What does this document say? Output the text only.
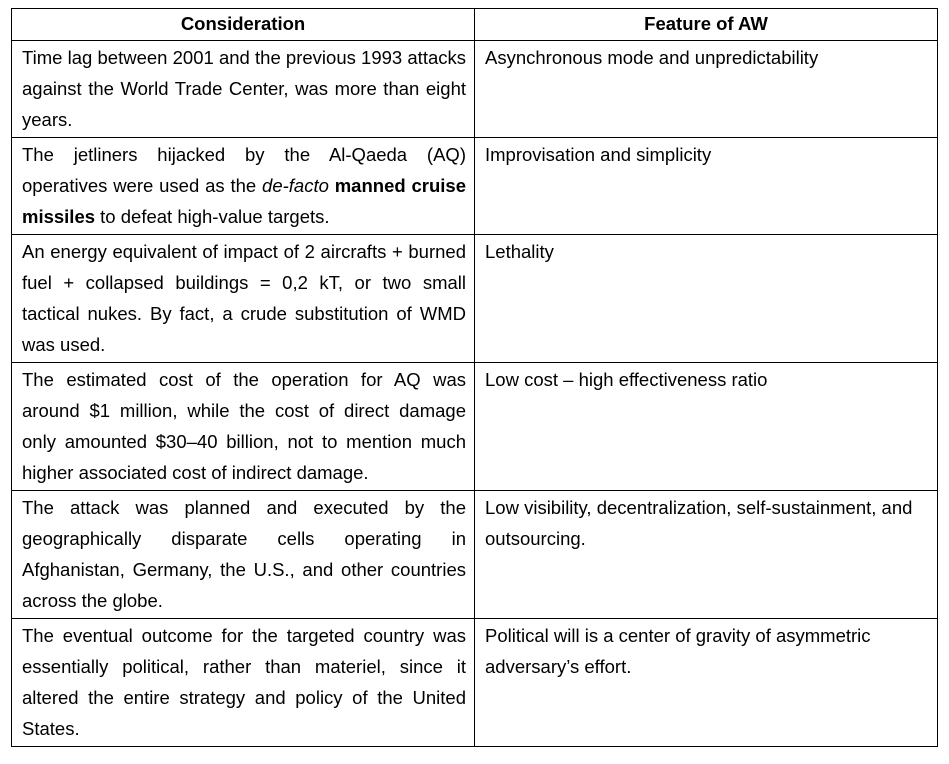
Consideration	Feature of AW
Time lag between 2001 and the previous 1993 attacks against the World Trade Center, was more than eight years.	Asynchronous mode and unpredictability
The jetliners hijacked by the Al-Qaeda (AQ) operatives were used as the de-facto manned cruise missiles to defeat high-value targets.	Improvisation and simplicity
An energy equivalent of impact of 2 aircrafts + burned fuel + collapsed buildings = 0,2 kT, or two small tactical nukes. By fact, a crude substitution of WMD was used.	Lethality
The estimated cost of the operation for AQ was around $1 million, while the cost of direct damage only amounted $30–40 billion, not to mention much higher associated cost of indirect damage.	Low cost – high effectiveness ratio
The attack was planned and executed by the geographically disparate cells operating in Afghanistan, Germany, the U.S., and other countries across the globe.	Low visibility, decentralization, self-sustainment, and outsourcing.
The eventual outcome for the targeted country was essentially political, rather than materiel, since it altered the entire strategy and policy of the United States.	Political will is a center of gravity of asymmetric adversary’s effort.
